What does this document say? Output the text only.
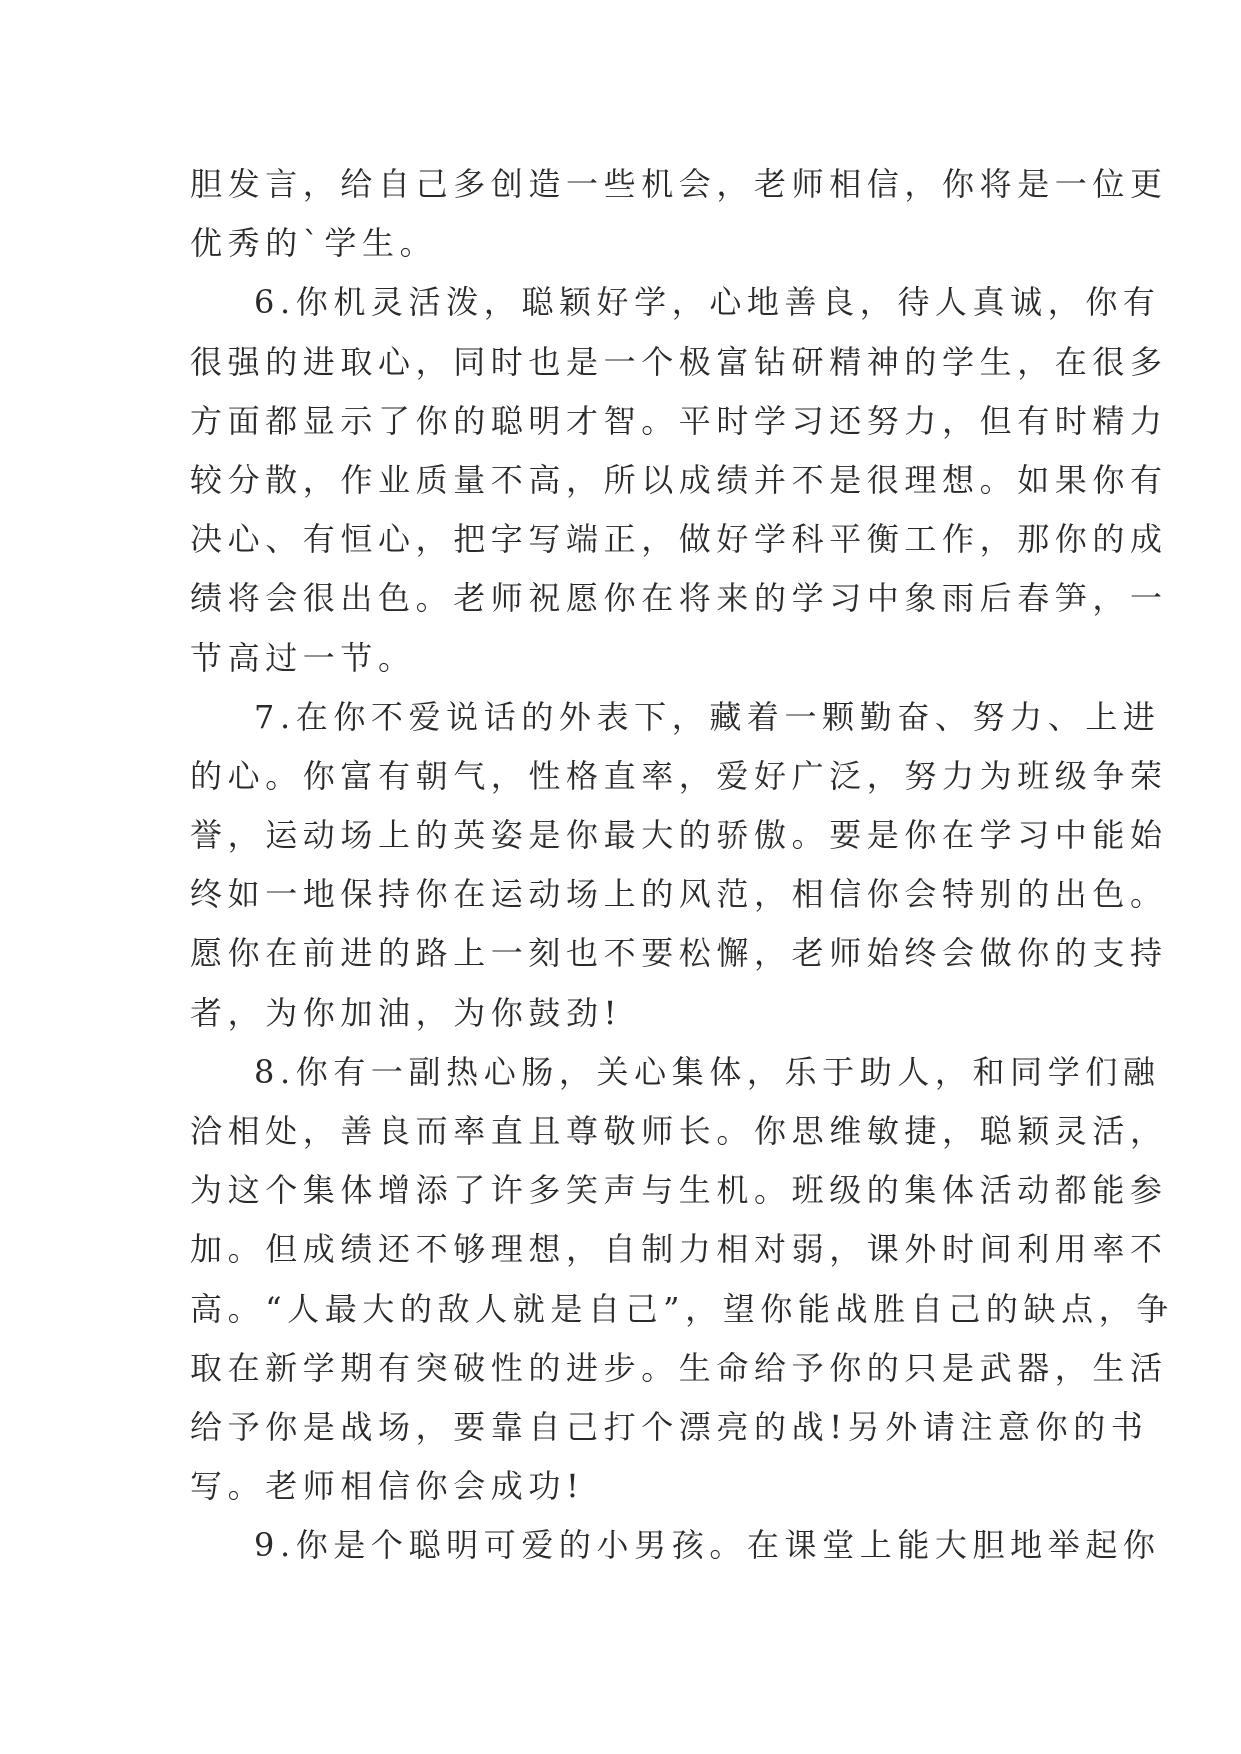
胆发言，给自己多创造一些机会，老师相信，你将是一位更
优秀的`学生。
6.你机灵活泼，聪颖好学，心地善良，待人真诚，你有
很强的进取心，同时也是一个极富钻研精神的学生，在很多
方面都显示了你的聪明才智。平时学习还努力，但有时精力
较分散，作业质量不高，所以成绩并不是很理想。如果你有
决心、有恒心，把字写端正，做好学科平衡工作，那你的成
绩将会很出色。老师祝愿你在将来的学习中象雨后春笋，一
节高过一节。
7.在你不爱说话的外表下，藏着一颗勤奋、努力、上进
的心。你富有朝气，性格直率，爱好广泛，努力为班级争荣
誉，运动场上的英姿是你最大的骄傲。要是你在学习中能始
终如一地保持你在运动场上的风范，相信你会特别的出色。
愿你在前进的路上一刻也不要松懈，老师始终会做你的支持
者，为你加油，为你鼓劲!
8.你有一副热心肠，关心集体，乐于助人，和同学们融
洽相处，善良而率直且尊敬师长。你思维敏捷，聪颖灵活，
为这个集体增添了许多笑声与生机。班级的集体活动都能参
加。但成绩还不够理想，自制力相对弱，课外时间利用率不
高。“人最大的敌人就是自己”，望你能战胜自己的缺点，争
取在新学期有突破性的进步。生命给予你的只是武器，生活
给予你是战场，要靠自己打个漂亮的战!另外请注意你的书
写。老师相信你会成功!
9.你是个聪明可爱的小男孩。在课堂上能大胆地举起你
